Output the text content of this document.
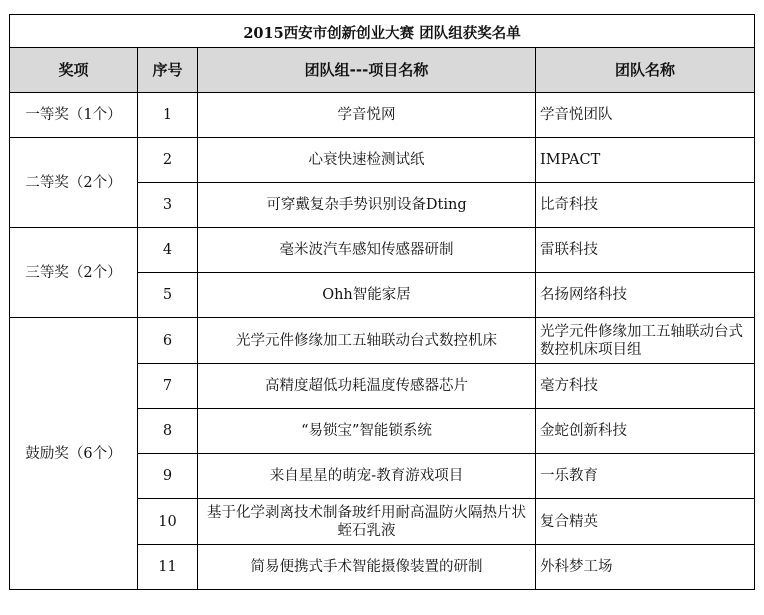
2015西安市创新创业大赛 团队组获奖名单			
奖项	序号	团队组---项目名称	团队名称
一等奖（1个）	1	学音悦网	学音悦团队
二等奖（2个）	2	心衰快速检测试纸	IMPACT
	3	可穿戴复杂手势识别设备Dting	比奇科技
三等奖（2个）	4	毫米波汽车感知传感器研制	雷联科技
	5	Ohh智能家居	名扬网络科技
鼓励奖（6个）	6	光学元件修缘加工五轴联动台式数控机床	光学元件修缘加工五轴联动台式数控机床项目组
	7	高精度超低功耗温度传感器芯片	毫方科技
	8	“易锁宝”智能锁系统	金蛇创新科技
	9	来自星星的萌宠-教育游戏项目	一乐教育
	10	基于化学剥离技术制备玻纤用耐高温防火隔热片状蛭石乳液	复合精英
	11	简易便携式手术智能摄像装置的研制	外科梦工场
